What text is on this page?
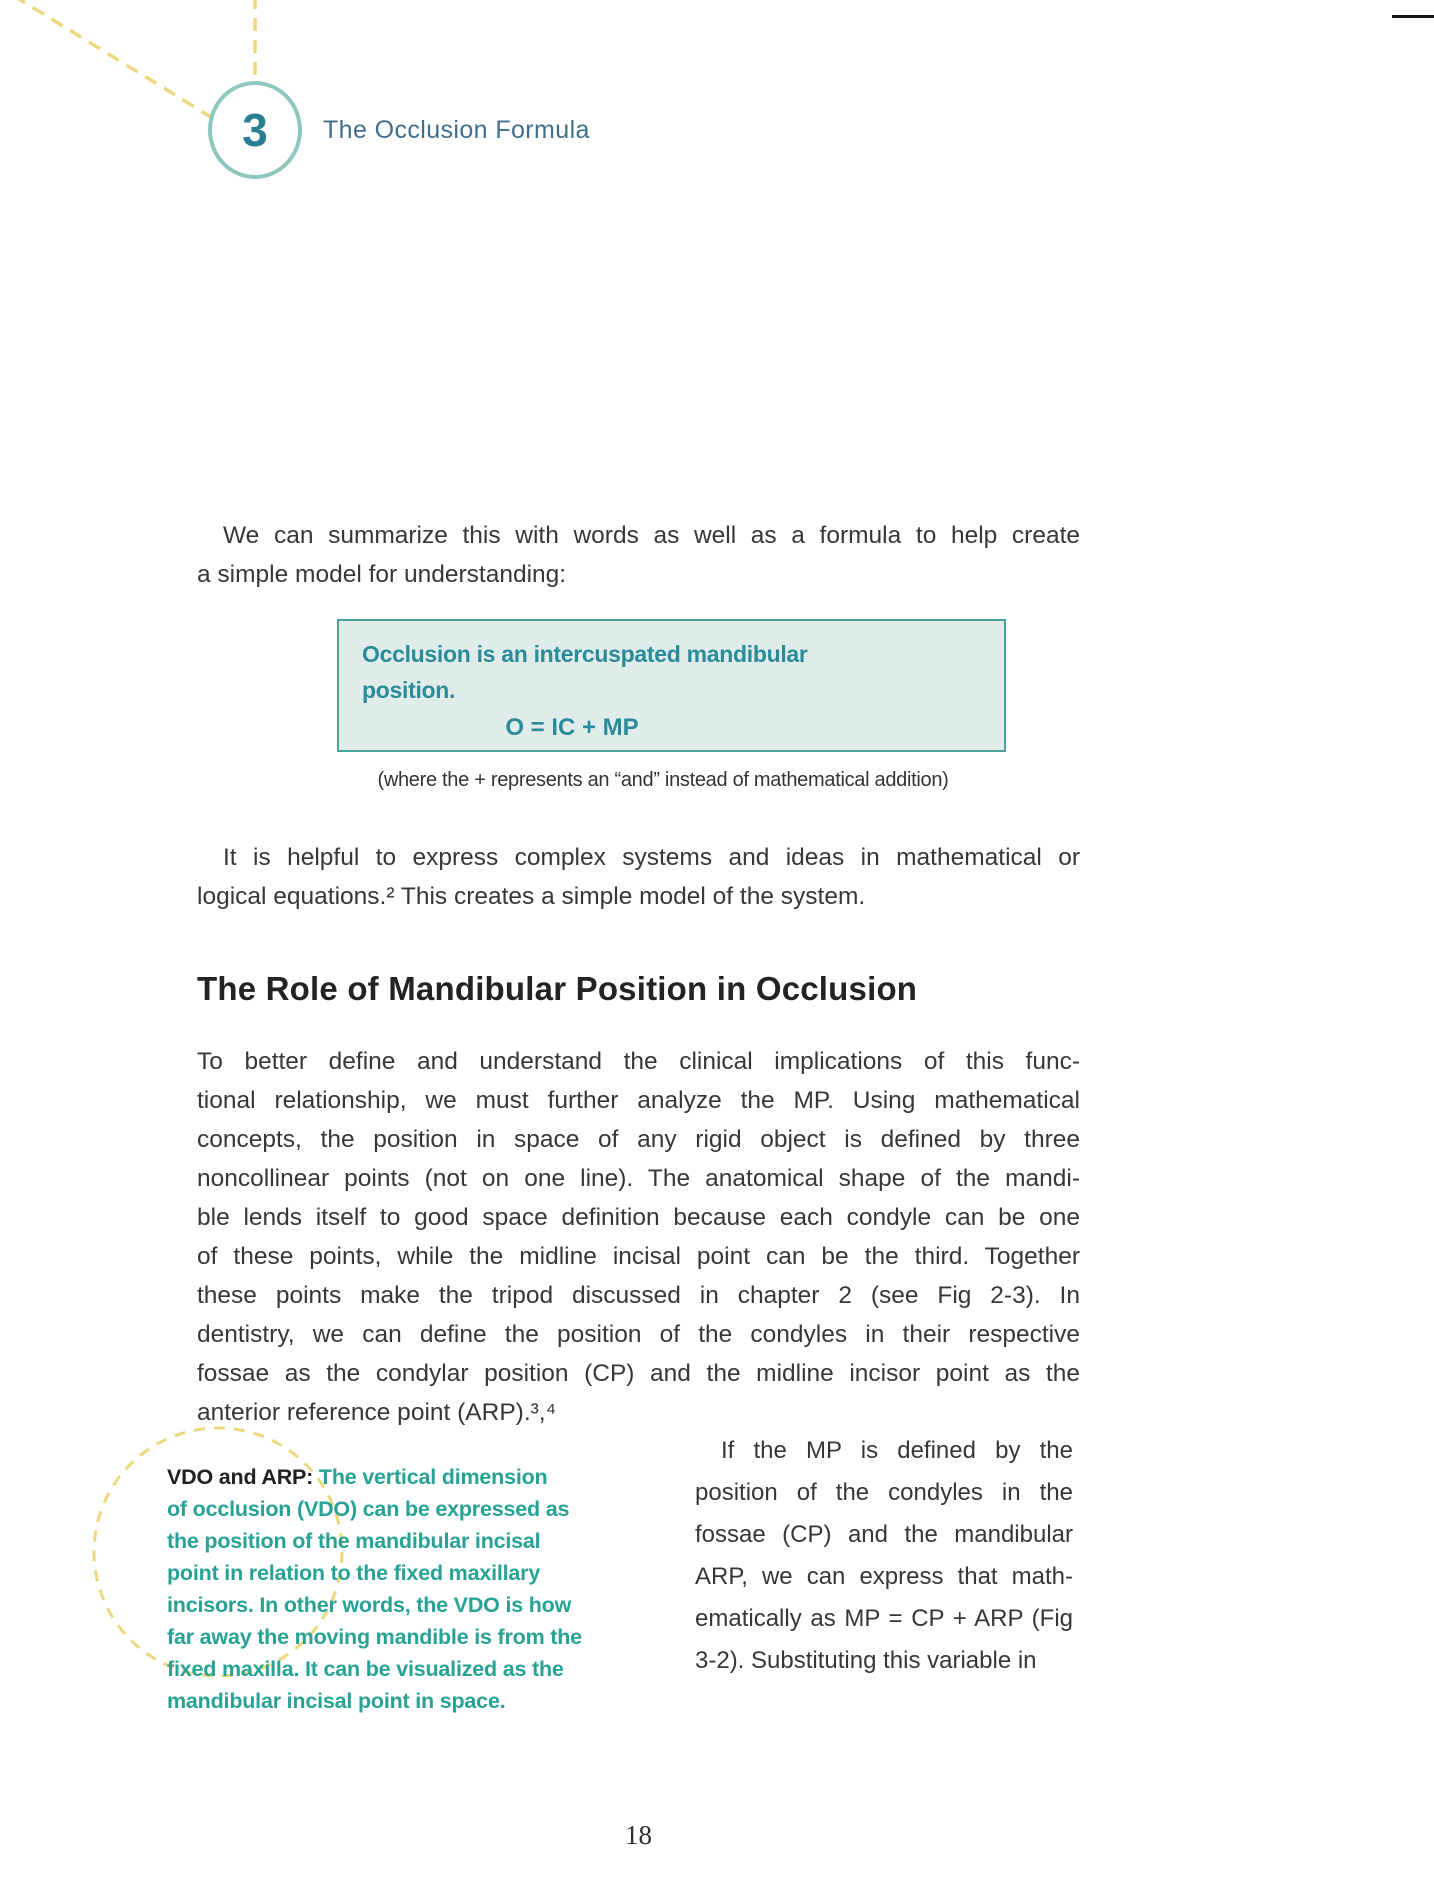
3 The Occlusion Formula
We can summarize this with words as well as a formula to help create
a simple model for understanding:
Occlusion is an intercuspated mandibular
position.
O = IC + MP
(where the + represents an “and” instead of mathematical addition)
It is helpful to express complex systems and ideas in mathematical or
logical equations.² This creates a simple model of the system.
The Role of Mandibular Position in Occlusion
To better define and understand the clinical implications of this func-
tional relationship, we must further analyze the MP. Using mathematical
concepts, the position in space of any rigid object is defined by three
noncollinear points (not on one line). The anatomical shape of the mandi-
ble lends itself to good space definition because each condyle can be one
of these points, while the midline incisal point can be the third. Together
these points make the tripod discussed in chapter 2 (see Fig 2-3). In
dentistry, we can define the position of the condyles in their respective
fossae as the condylar position (CP) and the midline incisor point as the
anterior reference point (ARP).³,⁴
VDO and ARP: The vertical dimension
of occlusion (VDO) can be expressed as
the position of the mandibular incisal
point in relation to the fixed maxillary
incisors. In other words, the VDO is how
far away the moving mandible is from the
fixed maxilla. It can be visualized as the
mandibular incisal point in space.
If the MP is defined by the
position of the condyles in the
fossae (CP) and the mandibular
ARP, we can express that math-
ematically as MP = CP + ARP (Fig
3-2). Substituting this variable in
18
